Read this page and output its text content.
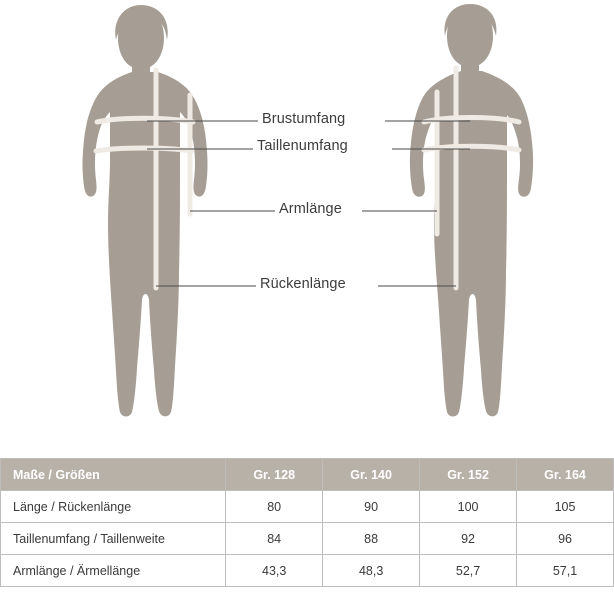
Brustumfang
Taillenumfang
Armlänge
Rückenlänge
Maße / Größen	Gr. 128	Gr. 140	Gr. 152	Gr. 164
Länge / Rückenlänge	80	90	100	105
Taillenumfang / Taillenweite	84	88	92	96
Armlänge / Ärmellänge	43,3	48,3	52,7	57,1
